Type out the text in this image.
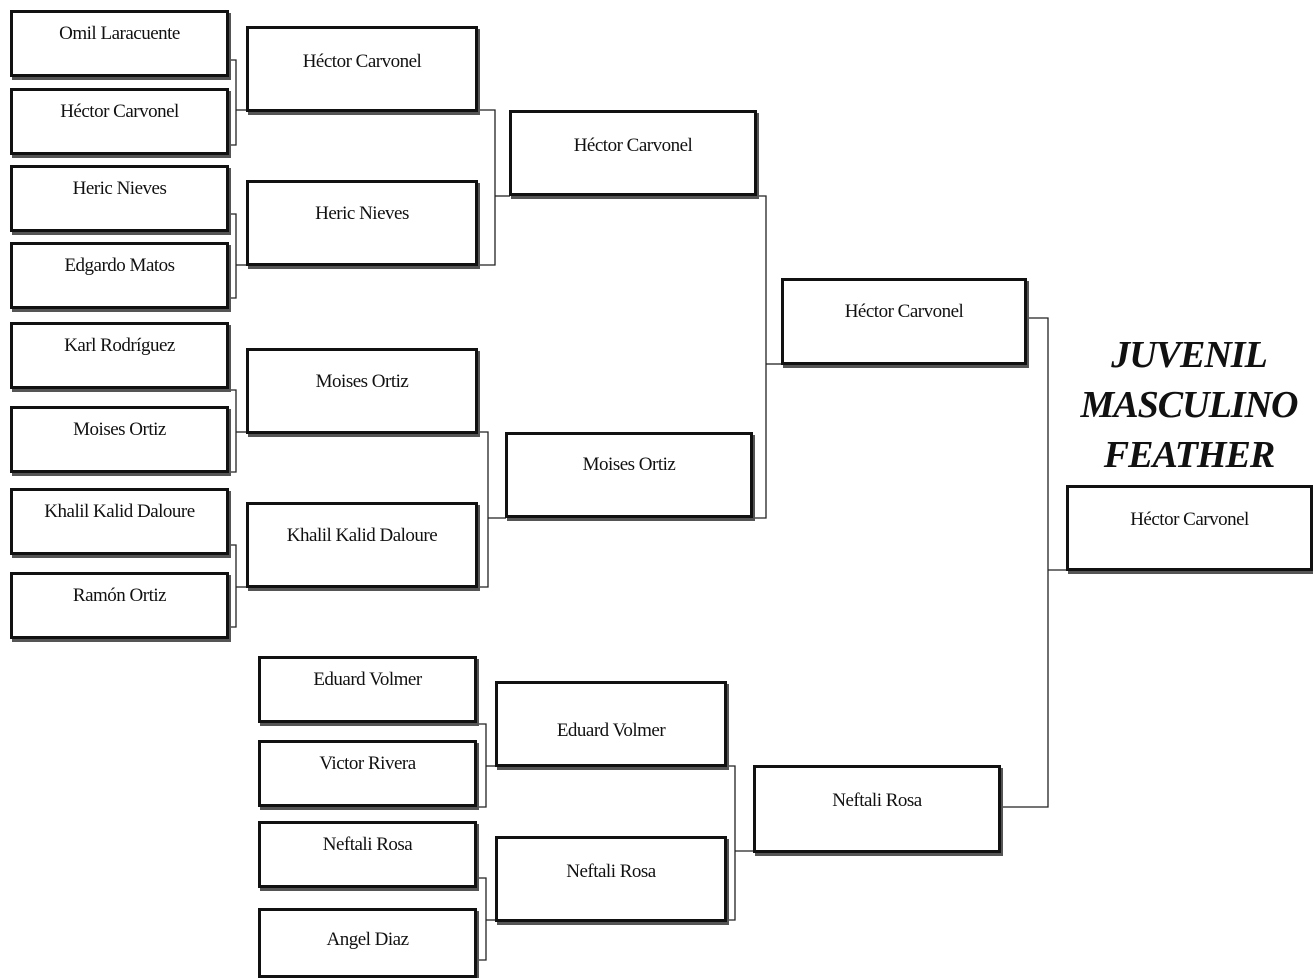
Omil Laracuente
Héctor Carvonel
Heric Nieves
Edgardo Matos
Karl Rodríguez
Moises Ortiz
Khalil Kalid Daloure
Ramón Ortiz
Eduard Volmer
Victor Rivera
Neftali Rosa
Angel Diaz
Héctor Carvonel
Heric Nieves
Moises Ortiz
Khalil Kalid Daloure
Eduard Volmer
Neftali Rosa
Héctor Carvonel
Moises Ortiz
Neftali Rosa
Héctor Carvonel
JUVENIL
MASCULINO
FEATHER
Héctor Carvonel
